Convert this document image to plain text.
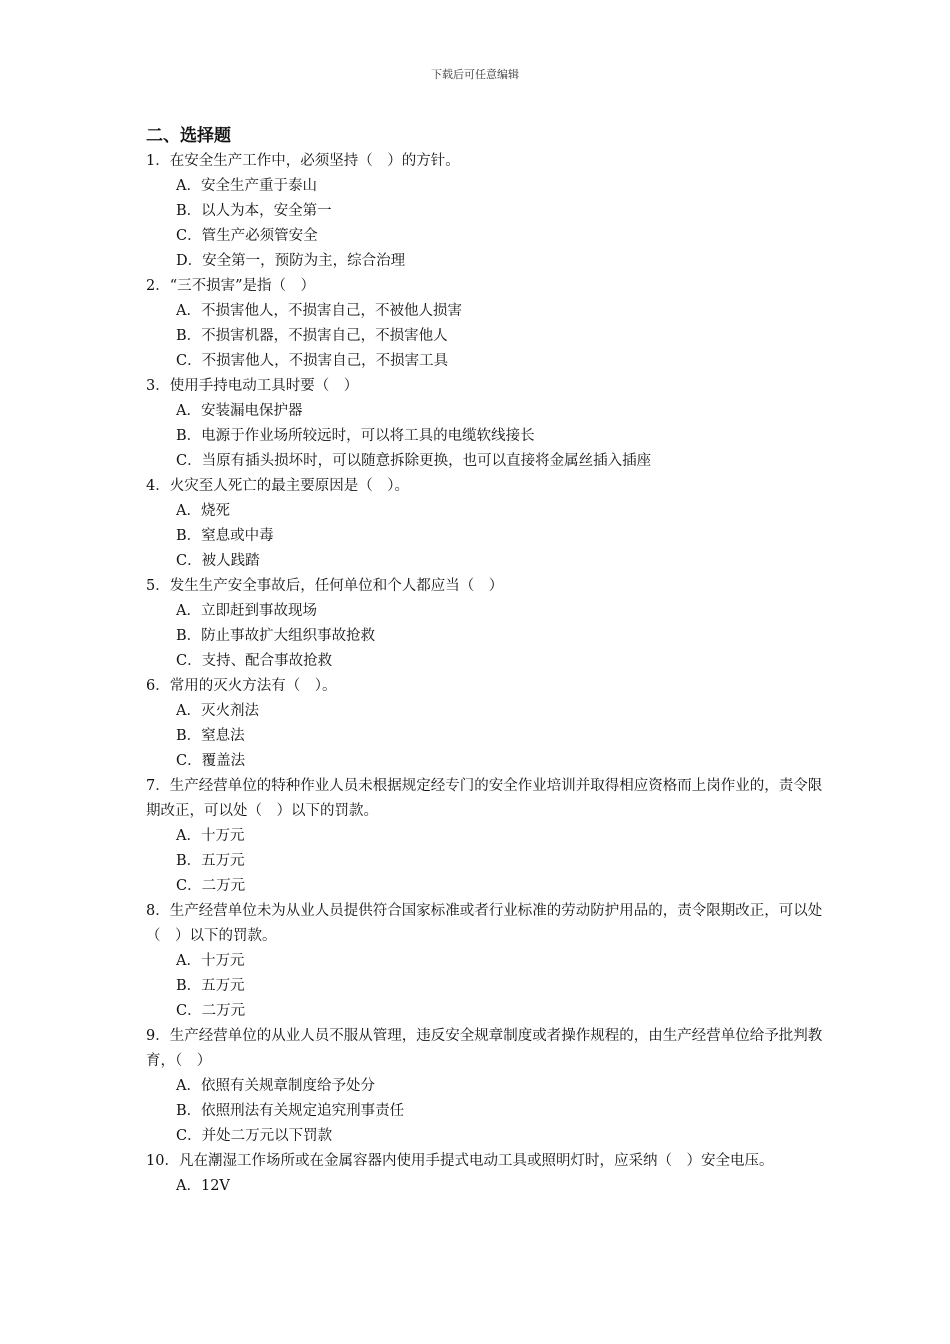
下载后可任意编辑
二、选择题
1．在安全生产工作中，必须坚持（　）的方针。
A．安全生产重于泰山
B．以人为本，安全第一
C．管生产必须管安全
D．安全第一，预防为主，综合治理
2．“三不损害”是指（　）
A．不损害他人，不损害自己，不被他人损害
B．不损害机器，不损害自己，不损害他人
C．不损害他人，不损害自己，不损害工具
3．使用手持电动工具时要（　）
A．安装漏电保护器
B．电源于作业场所较远时，可以将工具的电缆软线接长
C．当原有插头损坏时，可以随意拆除更换，也可以直接将金属丝插入插座
4．火灾至人死亡的最主要原因是（　）。
A．烧死
B．窒息或中毒
C．被人践踏
5．发生生产安全事故后，任何单位和个人都应当（　）
A．立即赶到事故现场
B．防止事故扩大组织事故抢救
C．支持、配合事故抢救
6．常用的灭火方法有（　）。
A．灭火剂法
B．窒息法
C．覆盖法
7．生产经营单位的特种作业人员未根据规定经专门的安全作业培训并取得相应资格而上岗作业的，责令限期改正，可以处（　）以下的罚款。
A．十万元
B．五万元
C．二万元
8．生产经营单位未为从业人员提供符合国家标准或者行业标准的劳动防护用品的，责令限期改正，可以处（　）以下的罚款。
A．十万元
B．五万元
C．二万元
9．生产经营单位的从业人员不服从管理，违反安全规章制度或者操作规程的，由生产经营单位给予批判教育，（　）
A．依照有关规章制度给予处分
B．依照刑法有关规定追究刑事责任
C．并处二万元以下罚款
10．凡在潮湿工作场所或在金属容器内使用手提式电动工具或照明灯时，应采纳（　）安全电压。
A．12V
